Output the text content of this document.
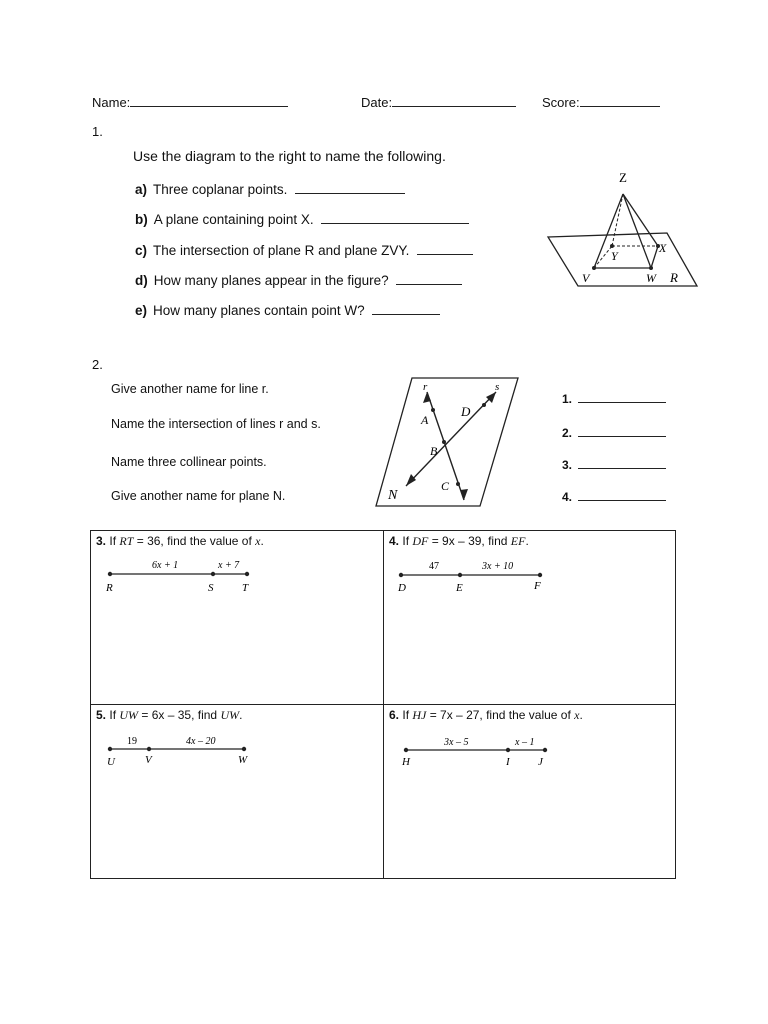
Name:	Date:	Score:
1.
Use the diagram to the right to name the following.
a) Three coplanar points.
b) A plane containing point X.
c) The intersection of plane R and plane ZVY.
d) How many planes appear in the figure?
e) How many planes contain point W?
Z
Y
X
V	W R
2.
Give another name for line r.
Name the intersection of lines r and s.
Name three collinear points.
Give another name for plane N.
r	s
A
D
B
C
N
1.
2.
3.
4.
3. If RT = 36, find the value of x.
6x + 1	x + 7
R	S	T
4. If DF = 9x – 39, find EF.
47	3x + 10
D	E	F
5. If UW = 6x – 35, find UW.
19	4x – 20
U	V	W
6. If HJ = 7x – 27, find the value of x.
3x – 5	x – 1
H	I	J
